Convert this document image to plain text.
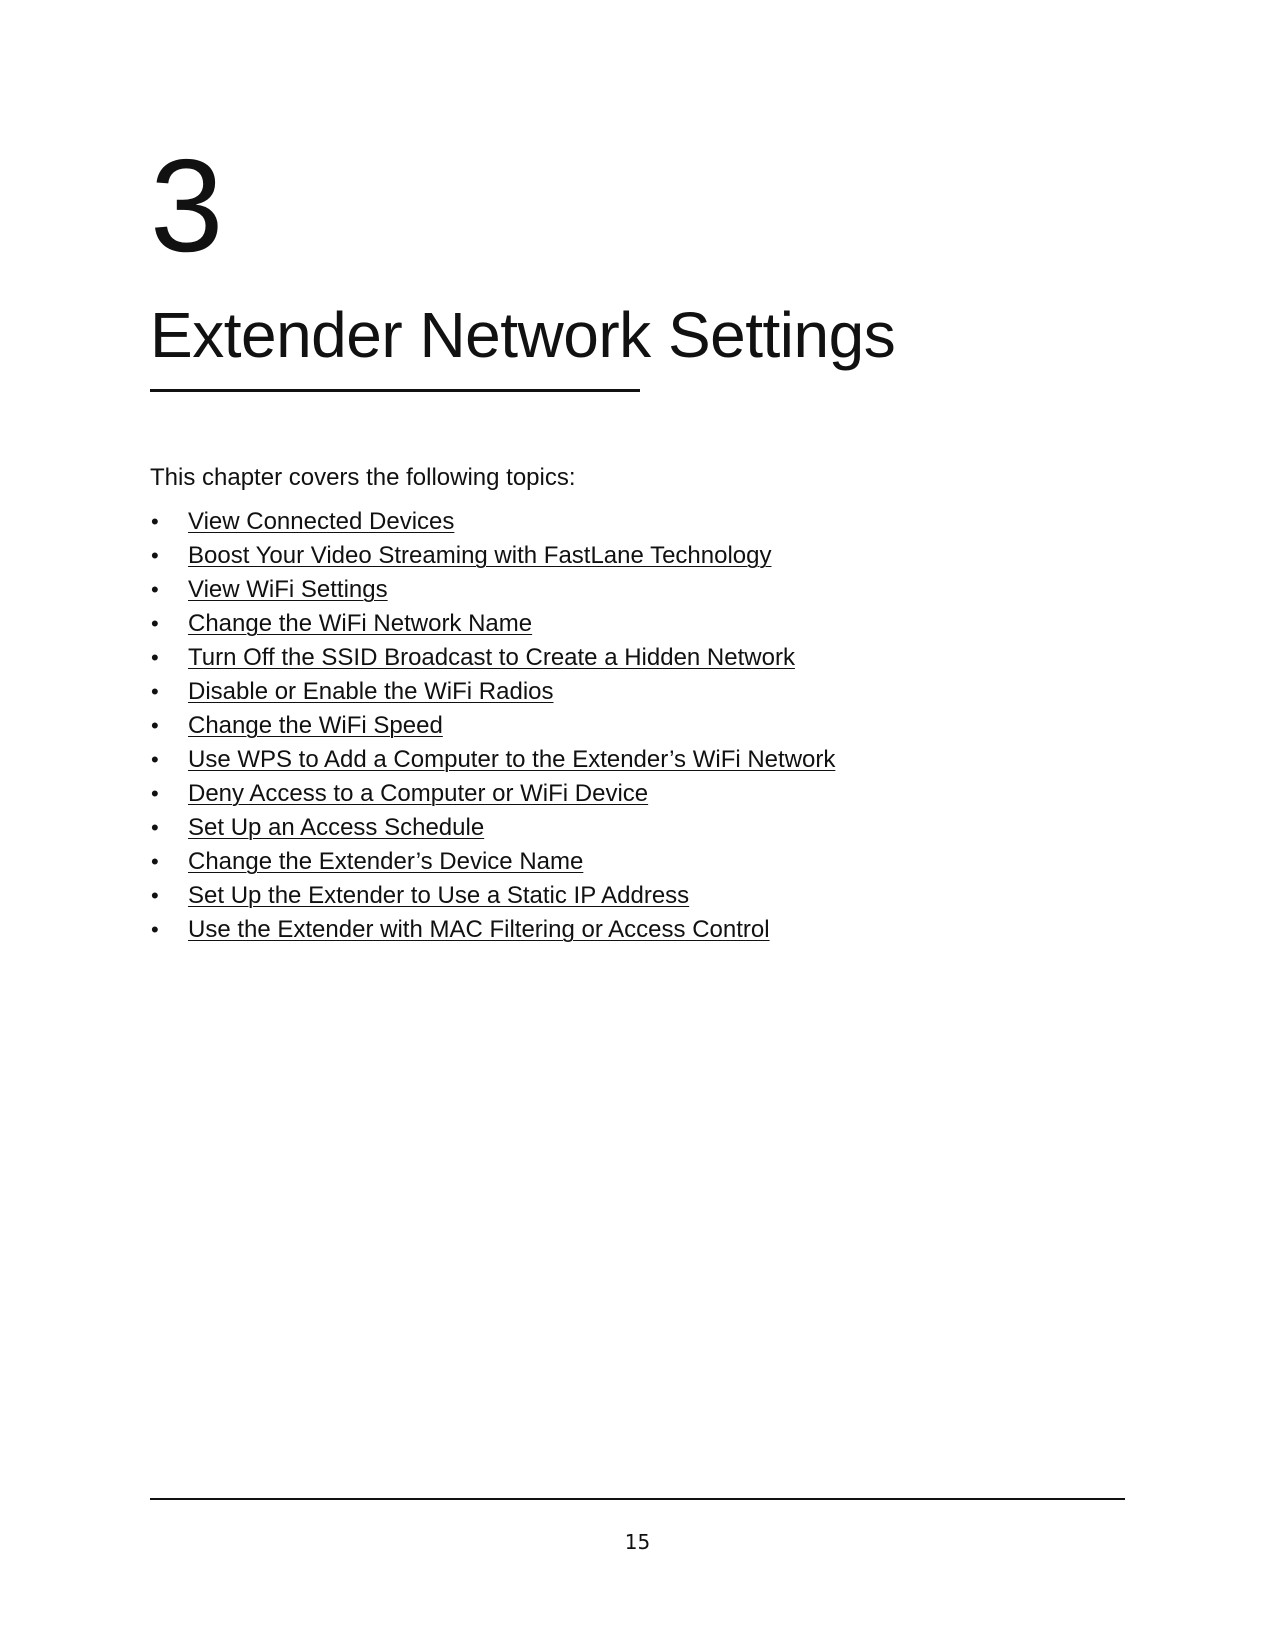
3
Extender Network Settings
This chapter covers the following topics:
•	View Connected Devices
•	Boost Your Video Streaming with FastLane Technology
•	View WiFi Settings
•	Change the WiFi Network Name
•	Turn Off the SSID Broadcast to Create a Hidden Network
•	Disable or Enable the WiFi Radios
•	Change the WiFi Speed
•	Use WPS to Add a Computer to the Extender’s WiFi Network
•	Deny Access to a Computer or WiFi Device
•	Set Up an Access Schedule
•	Change the Extender’s Device Name
•	Set Up the Extender to Use a Static IP Address
•	Use the Extender with MAC Filtering or Access Control
15
